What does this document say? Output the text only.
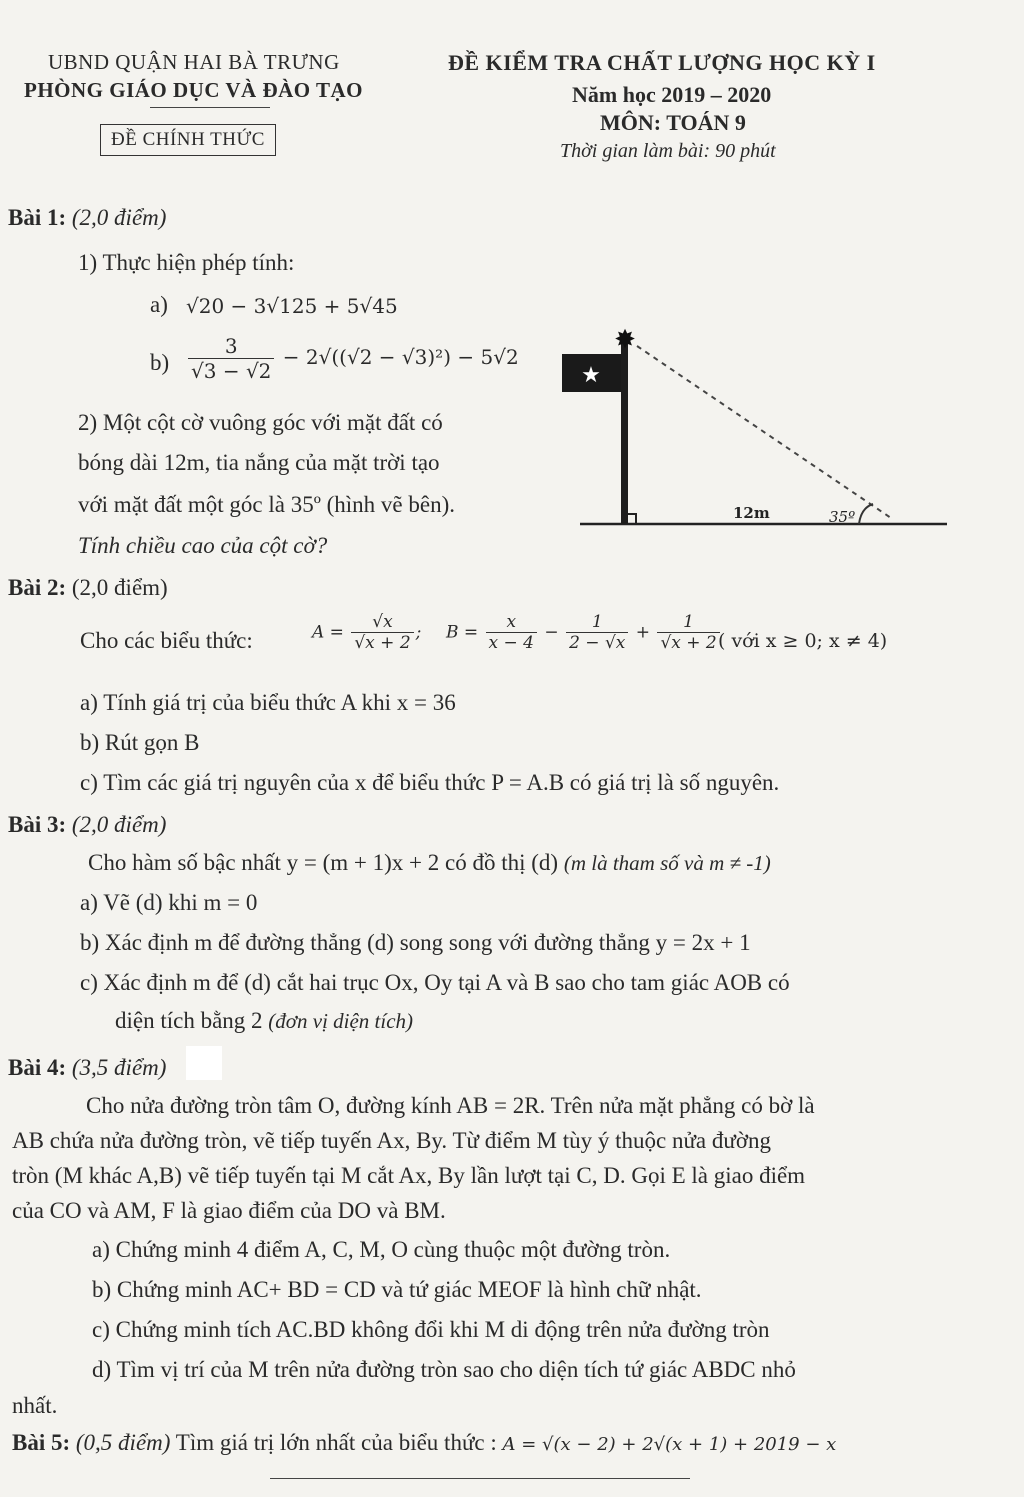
UBND QUẬN HAI BÀ TRƯNG
PHÒNG GIÁO DỤC VÀ ĐÀO TẠO
ĐỀ CHÍNH THỨC
ĐỀ KIỂM TRA CHẤT LƯỢNG HỌC KỲ I
Năm học 2019 – 2020
MÔN: TOÁN 9
Thời gian làm bài: 90 phút
Bài 1: (2,0 điểm)
1) Thực hiện phép tính:
a) √20 − 3√125 + 5√45
$b) \frac{3}{√3 - √2} - 2√((√2 - √3)^2) - 5√2$
2) Một cột cờ vuông góc với mặt đất có
bóng dài 12m, tia nắng của mặt trời tạo
với mặt đất một góc là 35º (hình vẽ bên).
Tính chiều cao của cột cờ?
★
✸
12m	35º
Bài 2: (2,0 điểm)
Cho các biểu thức:	$A = \frac{√x}{√x + 2}$ ; $B = \frac{x}{x - 4} - \frac{1}{2 - √x} + \frac{1}{√x + 2}$
( với x ≥ 0; x ≠ 4)
a) Tính giá trị của biểu thức A khi x = 36
b) Rút gọn B
c) Tìm các giá trị nguyên của x để biểu thức P = A.B có giá trị là số nguyên.
Bài 3: (2,0 điểm)
Cho hàm số bậc nhất y = (m + 1)x + 2 có đồ thị (d) (m là tham số và m ≠ -1)
a) Vẽ (d) khi m = 0
b) Xác định m để đường thẳng (d) song song với đường thẳng y = 2x + 1
c) Xác định m để (d) cắt hai trục Ox, Oy tại A và B sao cho tam giác AOB có
diện tích bằng 2 (đơn vị diện tích)
Bài 4: (3,5 điểm)
Cho nửa đường tròn tâm O, đường kính AB = 2R. Trên nửa mặt phẳng có bờ là
AB chứa nửa đường tròn, vẽ tiếp tuyến Ax, By. Từ điểm M tùy ý thuộc nửa đường
tròn (M khác A,B) vẽ tiếp tuyến tại M cắt Ax, By lần lượt tại C, D. Gọi E là giao điểm
của CO và AM, F là giao điểm của DO và BM.
a) Chứng minh 4 điểm A, C, M, O cùng thuộc một đường tròn.
b) Chứng minh AC+ BD = CD và tứ giác MEOF là hình chữ nhật.
c) Chứng minh tích AC.BD không đổi khi M di động trên nửa đường tròn
d) Tìm vị trí của M trên nửa đường tròn sao cho diện tích tứ giác ABDC nhỏ
nhất.
Bài 5: (0,5 điểm) Tìm giá trị lớn nhất của biểu thức : A = √(x − 2) + 2√(x + 1) + 2019 − x
